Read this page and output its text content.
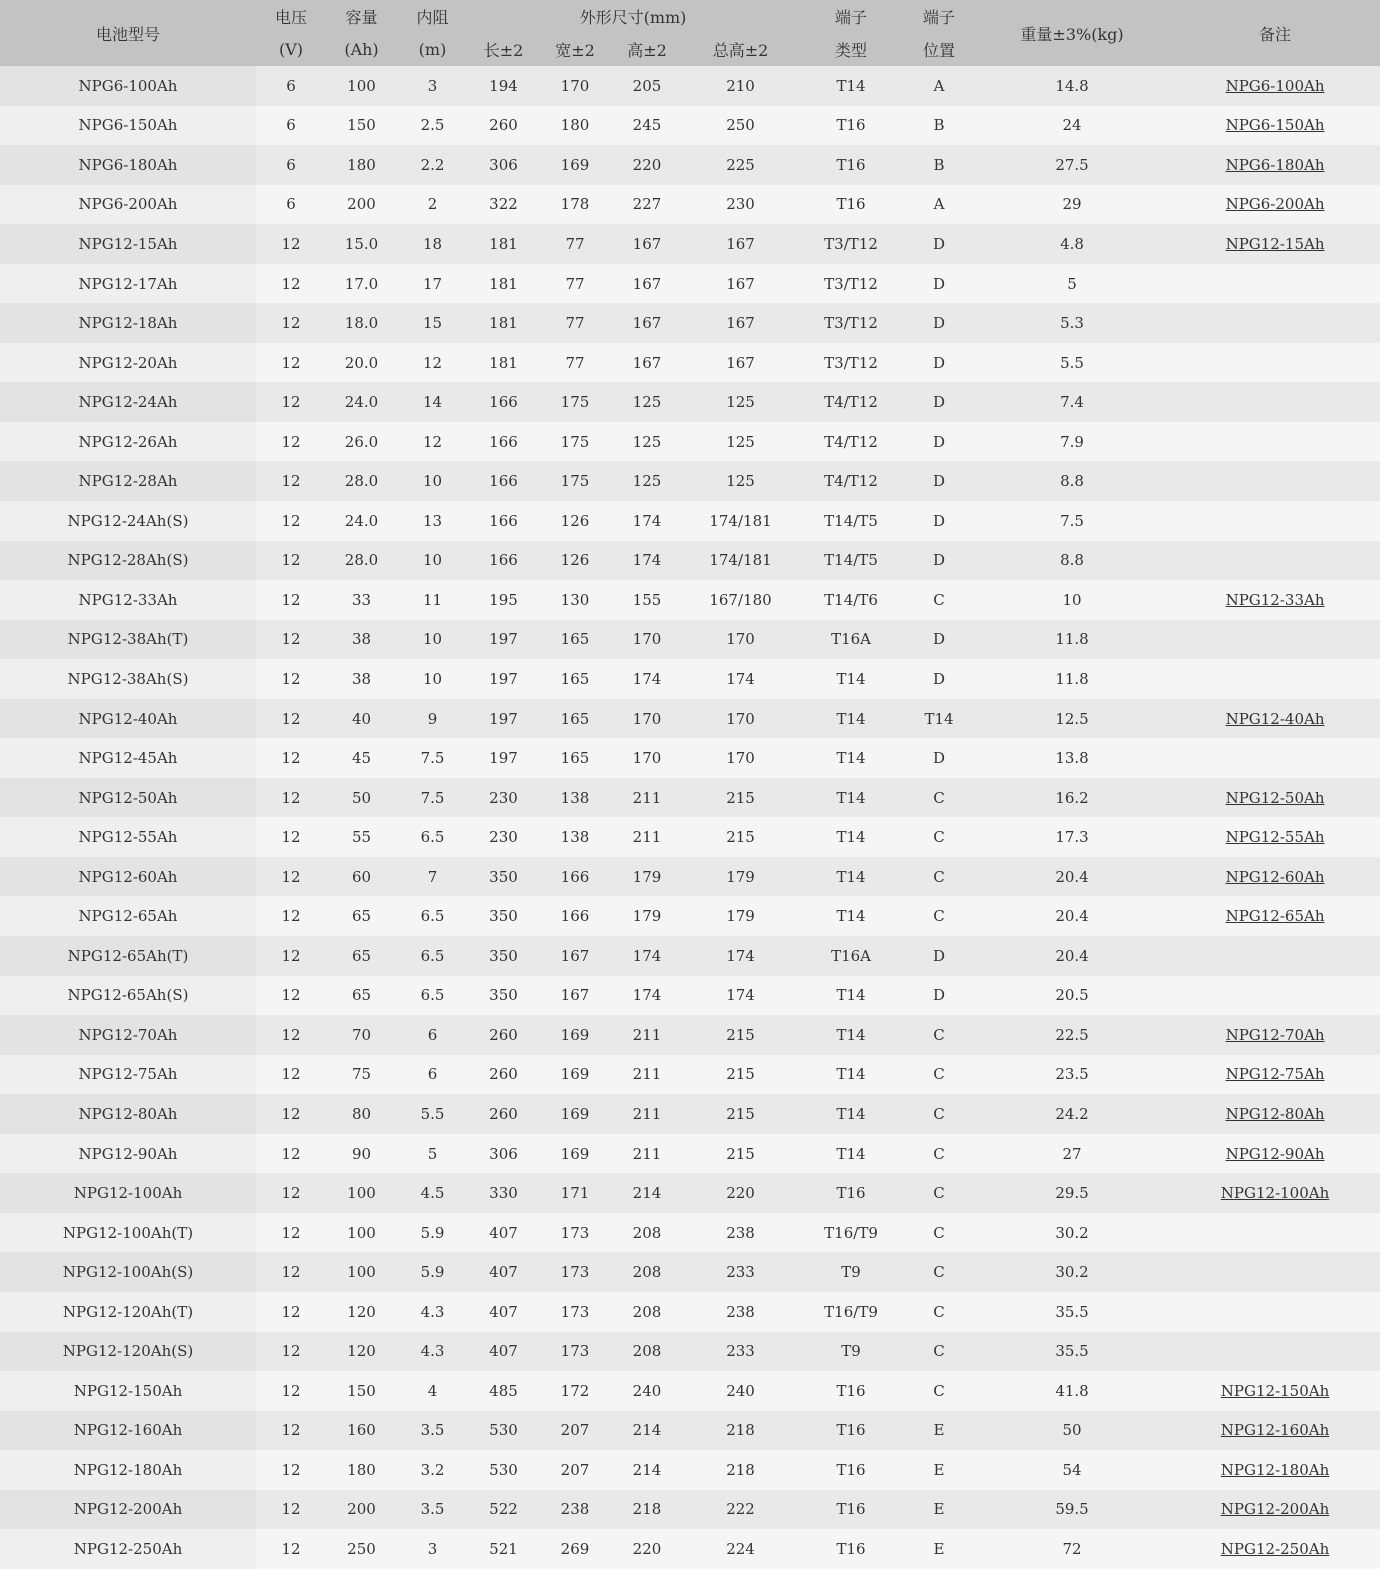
电池型号	电压	容量	内阻	外形尺寸(mm)				端子	端子	重量±3%(kg)	备注
	(V)	(Ah)	(m)	长±2	宽±2	高±2	总高±2	类型	位置		
NPG6-100Ah	6	100	3	194	170	205	210	T14	A	14.8	NPG6-100Ah
NPG6-150Ah	6	150	2.5	260	180	245	250	T16	B	24	NPG6-150Ah
NPG6-180Ah	6	180	2.2	306	169	220	225	T16	B	27.5	NPG6-180Ah
NPG6-200Ah	6	200	2	322	178	227	230	T16	A	29	NPG6-200Ah
NPG12-15Ah	12	15.0	18	181	77	167	167	T3/T12	D	4.8	NPG12-15Ah
NPG12-17Ah	12	17.0	17	181	77	167	167	T3/T12	D	5	
NPG12-18Ah	12	18.0	15	181	77	167	167	T3/T12	D	5.3	
NPG12-20Ah	12	20.0	12	181	77	167	167	T3/T12	D	5.5	
NPG12-24Ah	12	24.0	14	166	175	125	125	T4/T12	D	7.4	
NPG12-26Ah	12	26.0	12	166	175	125	125	T4/T12	D	7.9	
NPG12-28Ah	12	28.0	10	166	175	125	125	T4/T12	D	8.8	
NPG12-24Ah(S)	12	24.0	13	166	126	174	174/181	T14/T5	D	7.5	
NPG12-28Ah(S)	12	28.0	10	166	126	174	174/181	T14/T5	D	8.8	
NPG12-33Ah	12	33	11	195	130	155	167/180	T14/T6	C	10	NPG12-33Ah
NPG12-38Ah(T)	12	38	10	197	165	170	170	T16A	D	11.8	
NPG12-38Ah(S)	12	38	10	197	165	174	174	T14	D	11.8	
NPG12-40Ah	12	40	9	197	165	170	170	T14	T14	12.5	NPG12-40Ah
NPG12-45Ah	12	45	7.5	197	165	170	170	T14	D	13.8	
NPG12-50Ah	12	50	7.5	230	138	211	215	T14	C	16.2	NPG12-50Ah
NPG12-55Ah	12	55	6.5	230	138	211	215	T14	C	17.3	NPG12-55Ah
NPG12-60Ah	12	60	7	350	166	179	179	T14	C	20.4	NPG12-60Ah
NPG12-65Ah	12	65	6.5	350	166	179	179	T14	C	20.4	NPG12-65Ah
NPG12-65Ah(T)	12	65	6.5	350	167	174	174	T16A	D	20.4	
NPG12-65Ah(S)	12	65	6.5	350	167	174	174	T14	D	20.5	
NPG12-70Ah	12	70	6	260	169	211	215	T14	C	22.5	NPG12-70Ah
NPG12-75Ah	12	75	6	260	169	211	215	T14	C	23.5	NPG12-75Ah
NPG12-80Ah	12	80	5.5	260	169	211	215	T14	C	24.2	NPG12-80Ah
NPG12-90Ah	12	90	5	306	169	211	215	T14	C	27	NPG12-90Ah
NPG12-100Ah	12	100	4.5	330	171	214	220	T16	C	29.5	NPG12-100Ah
NPG12-100Ah(T)	12	100	5.9	407	173	208	238	T16/T9	C	30.2	
NPG12-100Ah(S)	12	100	5.9	407	173	208	233	T9	C	30.2	
NPG12-120Ah(T)	12	120	4.3	407	173	208	238	T16/T9	C	35.5	
NPG12-120Ah(S)	12	120	4.3	407	173	208	233	T9	C	35.5	
NPG12-150Ah	12	150	4	485	172	240	240	T16	C	41.8	NPG12-150Ah
NPG12-160Ah	12	160	3.5	530	207	214	218	T16	E	50	NPG12-160Ah
NPG12-180Ah	12	180	3.2	530	207	214	218	T16	E	54	NPG12-180Ah
NPG12-200Ah	12	200	3.5	522	238	218	222	T16	E	59.5	NPG12-200Ah
NPG12-250Ah	12	250	3	521	269	220	224	T16	E	72	NPG12-250Ah
